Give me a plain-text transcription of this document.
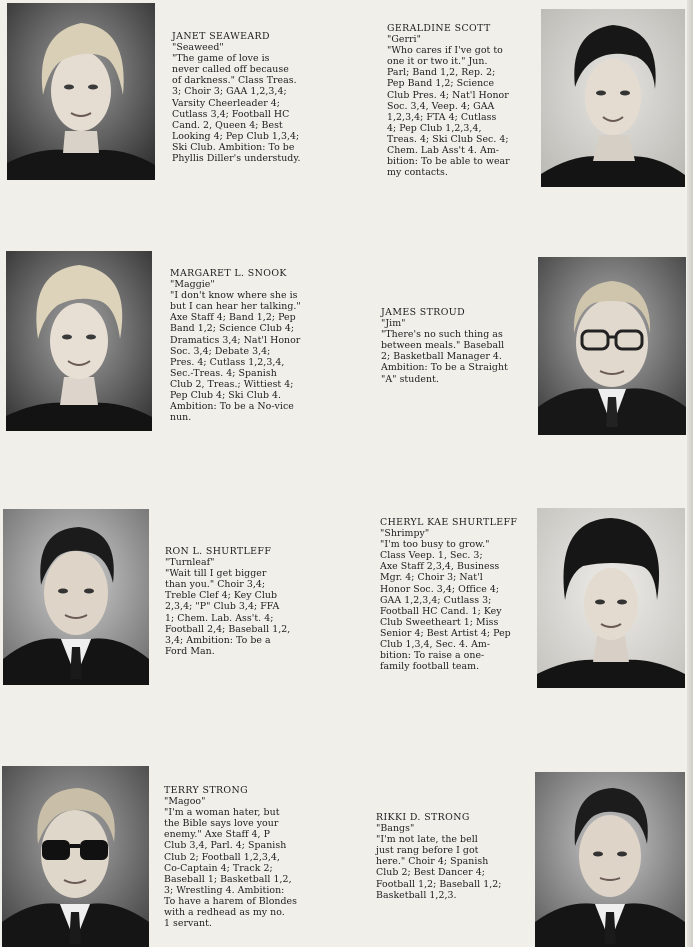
JANET SEAWEARD
"Seaweed"
"The game of love is
never called off because
of darkness." Class Treas.
3; Choir 3; GAA 1,2,3,4;
Varsity Cheerleader 4;
Cutlass 3,4; Football HC
Cand. 2, Queen 4; Best
Looking 4; Pep Club 1,3,4;
Ski Club. Ambition: To be
Phyllis Diller's understudy.
GERALDINE SCOTT
"Gerri"
"Who cares if I've got to
one it or two it." Jun.
Parl; Band 1,2, Rep. 2;
Pep Band 1,2; Science
Club Pres. 4; Nat'l Honor
Soc. 3,4, Veep. 4; GAA
1,2,3,4; FTA 4; Cutlass
4; Pep Club 1,2,3,4,
Treas. 4; Ski Club Sec. 4;
Chem. Lab Ass't 4. Am-
bition: To be able to wear
my contacts.
MARGARET L. SNOOK
"Maggie"
"I don't know where she is
but I can hear her talking."
Axe Staff 4; Band 1,2; Pep
Band 1,2; Science Club 4;
Dramatics 3,4; Nat'l Honor
Soc. 3,4; Debate 3,4;
Pres. 4; Cutlass 1,2,3,4,
Sec.-Treas. 4; Spanish
Club 2, Treas.; Wittiest 4;
Pep Club 4; Ski Club 4.
Ambition: To be a No-vice
nun.
JAMES STROUD
"Jim"
"There's no such thing as
between meals." Baseball
2; Basketball Manager 4.
Ambition: To be a Straight
"A" student.
RON L. SHURTLEFF
"Turnleaf"
"Wait till I get bigger
than you." Choir 3,4;
Treble Clef 4; Key Club
2,3,4; "P" Club 3,4; FFA
1; Chem. Lab. Ass't. 4;
Football 2,4; Baseball 1,2,
3,4; Ambition: To be a
Ford Man.
CHERYL KAE SHURTLEFF
"Shrimpy"
"I'm too busy to grow."
Class Veep. 1, Sec. 3;
Axe Staff 2,3,4, Business
Mgr. 4; Choir 3; Nat'l
Honor Soc. 3,4; Office 4;
GAA 1,2,3,4; Cutlass 3;
Football HC Cand. 1; Key
Club Sweetheart 1; Miss
Senior 4; Best Artist 4; Pep
Club 1,3,4, Sec. 4. Am-
bition: To raise a one-
family football team.
TERRY STRONG
"Magoo"
"I'm a woman hater, but
the Bible says love your
enemy." Axe Staff 4, P
Club 3,4, Parl. 4; Spanish
Club 2; Football 1,2,3,4,
Co-Captain 4; Track 2;
Baseball 1; Basketball 1,2,
3; Wrestling 4. Ambition:
To have a harem of Blondes
with a redhead as my no.
1 servant.
RIKKI D. STRONG
"Bangs"
"I'm not late, the bell
just rang before I got
here." Choir 4; Spanish
Club 2; Best Dancer 4;
Football 1,2; Baseball 1,2;
Basketball 1,2,3.
